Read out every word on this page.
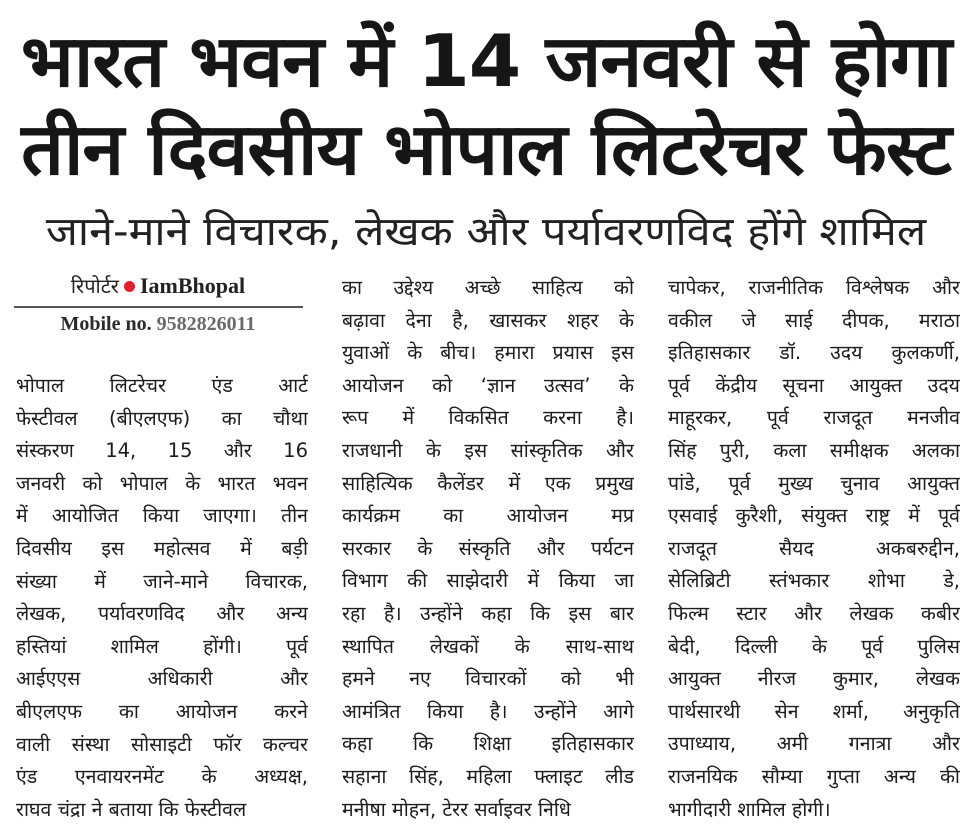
भारत भवन में 14 जनवरी से होगा
तीन दिवसीय भोपाल लिटरेचर फेस्ट
जाने-माने विचारक, लेखक और पर्यावरणविद होंगे शामिल
रिपोर्टर IamBhopal
Mobile no. 9582826011
भोपाल लिटरेचर एंड आर्ट
फेस्टीवल (बीएलएफ) का चौथा
संस्करण 14, 15 और 16
जनवरी को भोपाल के भारत भवन
में आयोजित किया जाएगा। तीन
दिवसीय इस महोत्सव में बड़ी
संख्या में जाने-माने विचारक,
लेखक, पर्यावरणविद और अन्य
हस्तियां शामिल होंगी। पूर्व
आईएएस अधिकारी और
बीएलएफ का आयोजन करने
वाली संस्था सोसाइटी फॉर कल्चर
एंड एनवायरनमेंट के अध्यक्ष,
राघव चंद्रा ने बताया कि फेस्टीवल
का उद्देश्य अच्छे साहित्य को
बढ़ावा देना है, खासकर शहर के
युवाओं के बीच। हमारा प्रयास इस
आयोजन को ‘ज्ञान उत्सव’ के
रूप में विकसित करना है।
राजधानी के इस सांस्कृतिक और
साहित्यिक कैलेंडर में एक प्रमुख
कार्यक्रम का आयोजन मप्र
सरकार के संस्कृति और पर्यटन
विभाग की साझेदारी में किया जा
रहा है। उन्होंने कहा कि इस बार
स्थापित लेखकों के साथ-साथ
हमने नए विचारकों को भी
आमंत्रित किया है। उन्होंने आगे
कहा कि शिक्षा इतिहासकार
सहाना सिंह, महिला फ्लाइट लीड
मनीषा मोहन, टेरर सर्वाइवर निधि
चापेकर, राजनीतिक विश्लेषक और
वकील जे साई दीपक, मराठा
इतिहासकार डॉ. उदय कुलकर्णी,
पूर्व केंद्रीय सूचना आयुक्त उदय
माहूरकर, पूर्व राजदूत मनजीव
सिंह पुरी, कला समीक्षक अलका
पांडे, पूर्व मुख्य चुनाव आयुक्त
एसवाई कुरैशी, संयुक्त राष्ट्र में पूर्व
राजदूत सैयद अकबरुद्दीन,
सेलिब्रिटी स्तंभकार शोभा डे,
फिल्म स्टार और लेखक कबीर
बेदी, दिल्ली के पूर्व पुलिस
आयुक्त नीरज कुमार, लेखक
पार्थसारथी सेन शर्मा, अनुकृति
उपाध्याय, अमी गनात्रा और
राजनयिक सौम्या गुप्ता अन्य की
भागीदारी शामिल होगी।
